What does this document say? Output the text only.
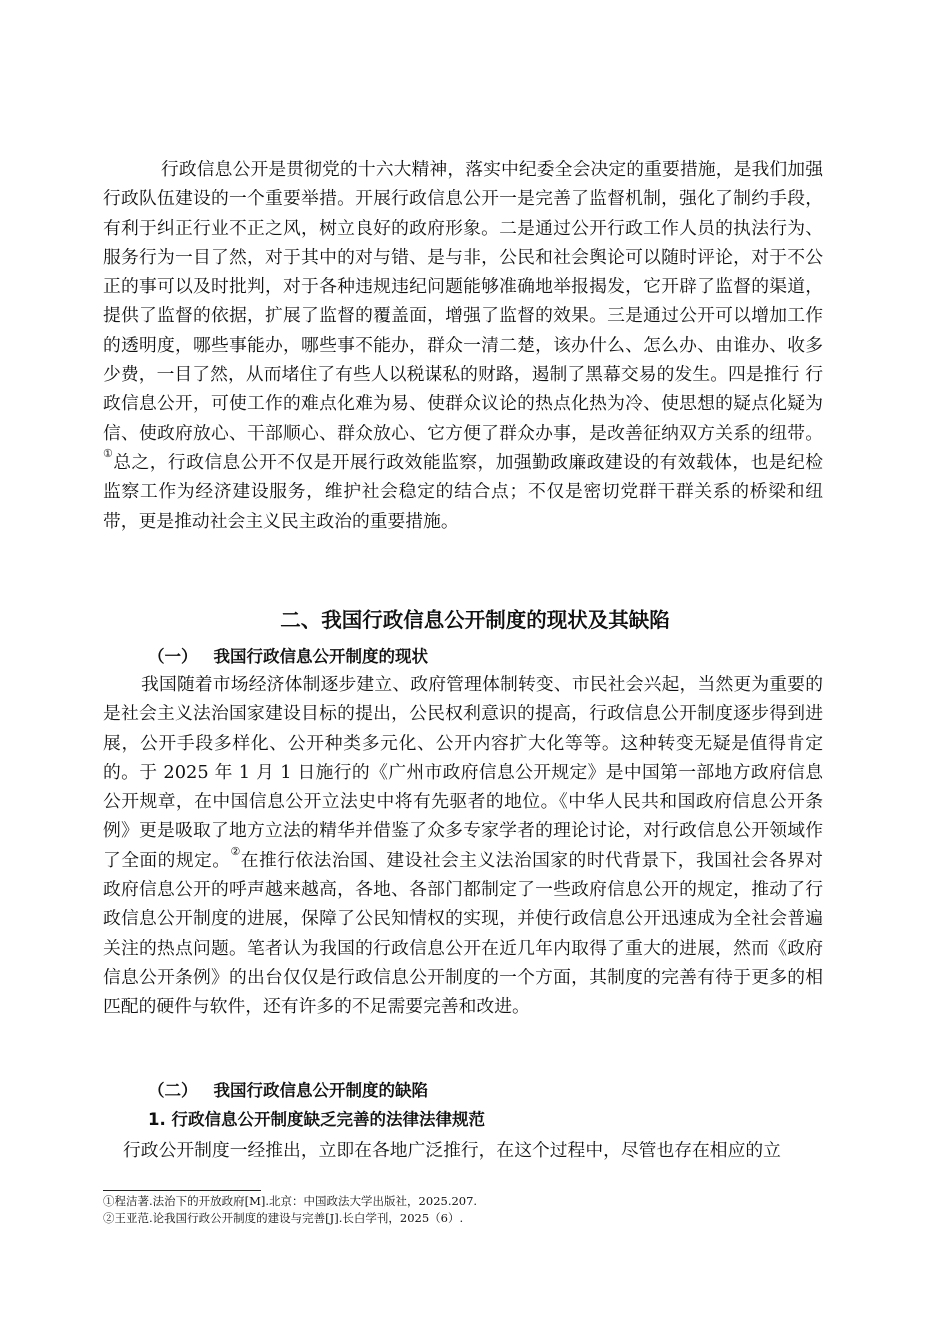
行政信息公开是贯彻党的十六大精神，落实中纪委全会决定的重要措施，是我们加强行政队伍建设的一个重要举措。开展行政信息公开一是完善了监督机制，强化了制约手段，有利于纠正行业不正之风，树立良好的政府形象。二是通过公开行政工作人员的执法行为、服务行为一目了然，对于其中的对与错、是与非，公民和社会舆论可以随时评论，对于不公正的事可以及时批判，对于各种违规违纪问题能够准确地举报揭发，它开辟了监督的渠道，提供了监督的依据，扩展了监督的覆盖面，增强了监督的效果。三是通过公开可以增加工作的透明度，哪些事能办，哪些事不能办，群众一清二楚，该办什么、怎么办、由谁办、收多少费，一目了然，从而堵住了有些人以税谋私的财路，遏制了黑幕交易的发生。四是推行 行政信息公开，可使工作的难点化难为易、使群众议论的热点化热为冷、使思想的疑点化疑为信、使政府放心、干部顺心、群众放心、它方便了群众办事，是改善征纳双方关系的纽带。①总之，行政信息公开不仅是开展行政效能监察，加强勤政廉政建设的有效载体，也是纪检监察工作为经济建设服务，维护社会稳定的结合点；不仅是密切党群干群关系的桥梁和纽带，更是推动社会主义民主政治的重要措施。

二、我国行政信息公开制度的现状及其缺陷
（一） 我国行政信息公开制度的现状

我国随着市场经济体制逐步建立、政府管理体制转变、市民社会兴起，当然更为重要的是社会主义法治国家建设目标的提出，公民权利意识的提高，行政信息公开制度逐步得到进展，公开手段多样化、公开种类多元化、公开内容扩大化等等。这种转变无疑是值得肯定的。于 2025 年 1 月 1 日施行的《广州市政府信息公开规定》是中国第一部地方政府信息公开规章，在中国信息公开立法史中将有先驱者的地位。《中华人民共和国政府信息公开条例》更是吸取了地方立法的精华并借鉴了众多专家学者的理论讨论，对行政信息公开领域作了全面的规定。②在推行依法治国、建设社会主义法治国家的时代背景下，我国社会各界对政府信息公开的呼声越来越高，各地、各部门都制定了一些政府信息公开的规定，推动了行政信息公开制度的进展，保障了公民知情权的实现，并使行政信息公开迅速成为全社会普遍关注的热点问题。笔者认为我国的行政信息公开在近几年内取得了重大的进展，然而《政府信息公开条例》的出台仅仅是行政信息公开制度的一个方面，其制度的完善有待于更多的相匹配的硬件与软件，还有许多的不足需要完善和改进。

（二） 我国行政信息公开制度的缺陷
1. 行政信息公开制度缺乏完善的法律法律规范

行政公开制度一经推出，立即在各地广泛推行，在这个过程中，尽管也存在相应的立

①程洁著.法治下的开放政府[M].北京：中国政法大学出版社，2025.207.
②王亚范.论我国行政公开制度的建设与完善[J].长白学刊，2025（6）.
